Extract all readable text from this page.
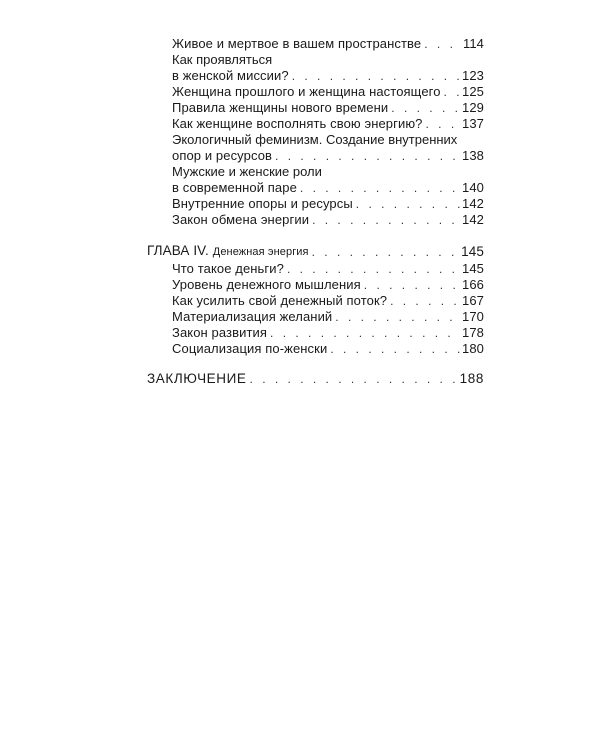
Живое и мертвое в вашем пространстве . . .	114
Как проявляться
в женской миссии? . . .	123
Женщина прошлого и женщина настоящего . . . 125
Правила женщины нового времени . . .	129
Как женщине восполнять свою энергию? . . .	137
Экологичный феминизм. Создание внутренних
опор и ресурсов . . .	138
Мужские и женские роли
в современной паре . . .	140
Внутренние опоры и ресурсы . . .	142
Закон обмена энергии . . .	142
ГЛАВА IV. Денежная энергия . . .	145
Что такое деньги? . . .	145
Уровень денежного мышления . . .	166
Как усилить свой денежный поток? . . .	167
Материализация желаний . . .	170
Закон развития . . .	178
Социализация по-женски . . .	180
ЗАКЛЮЧЕНИЕ . . .	188
